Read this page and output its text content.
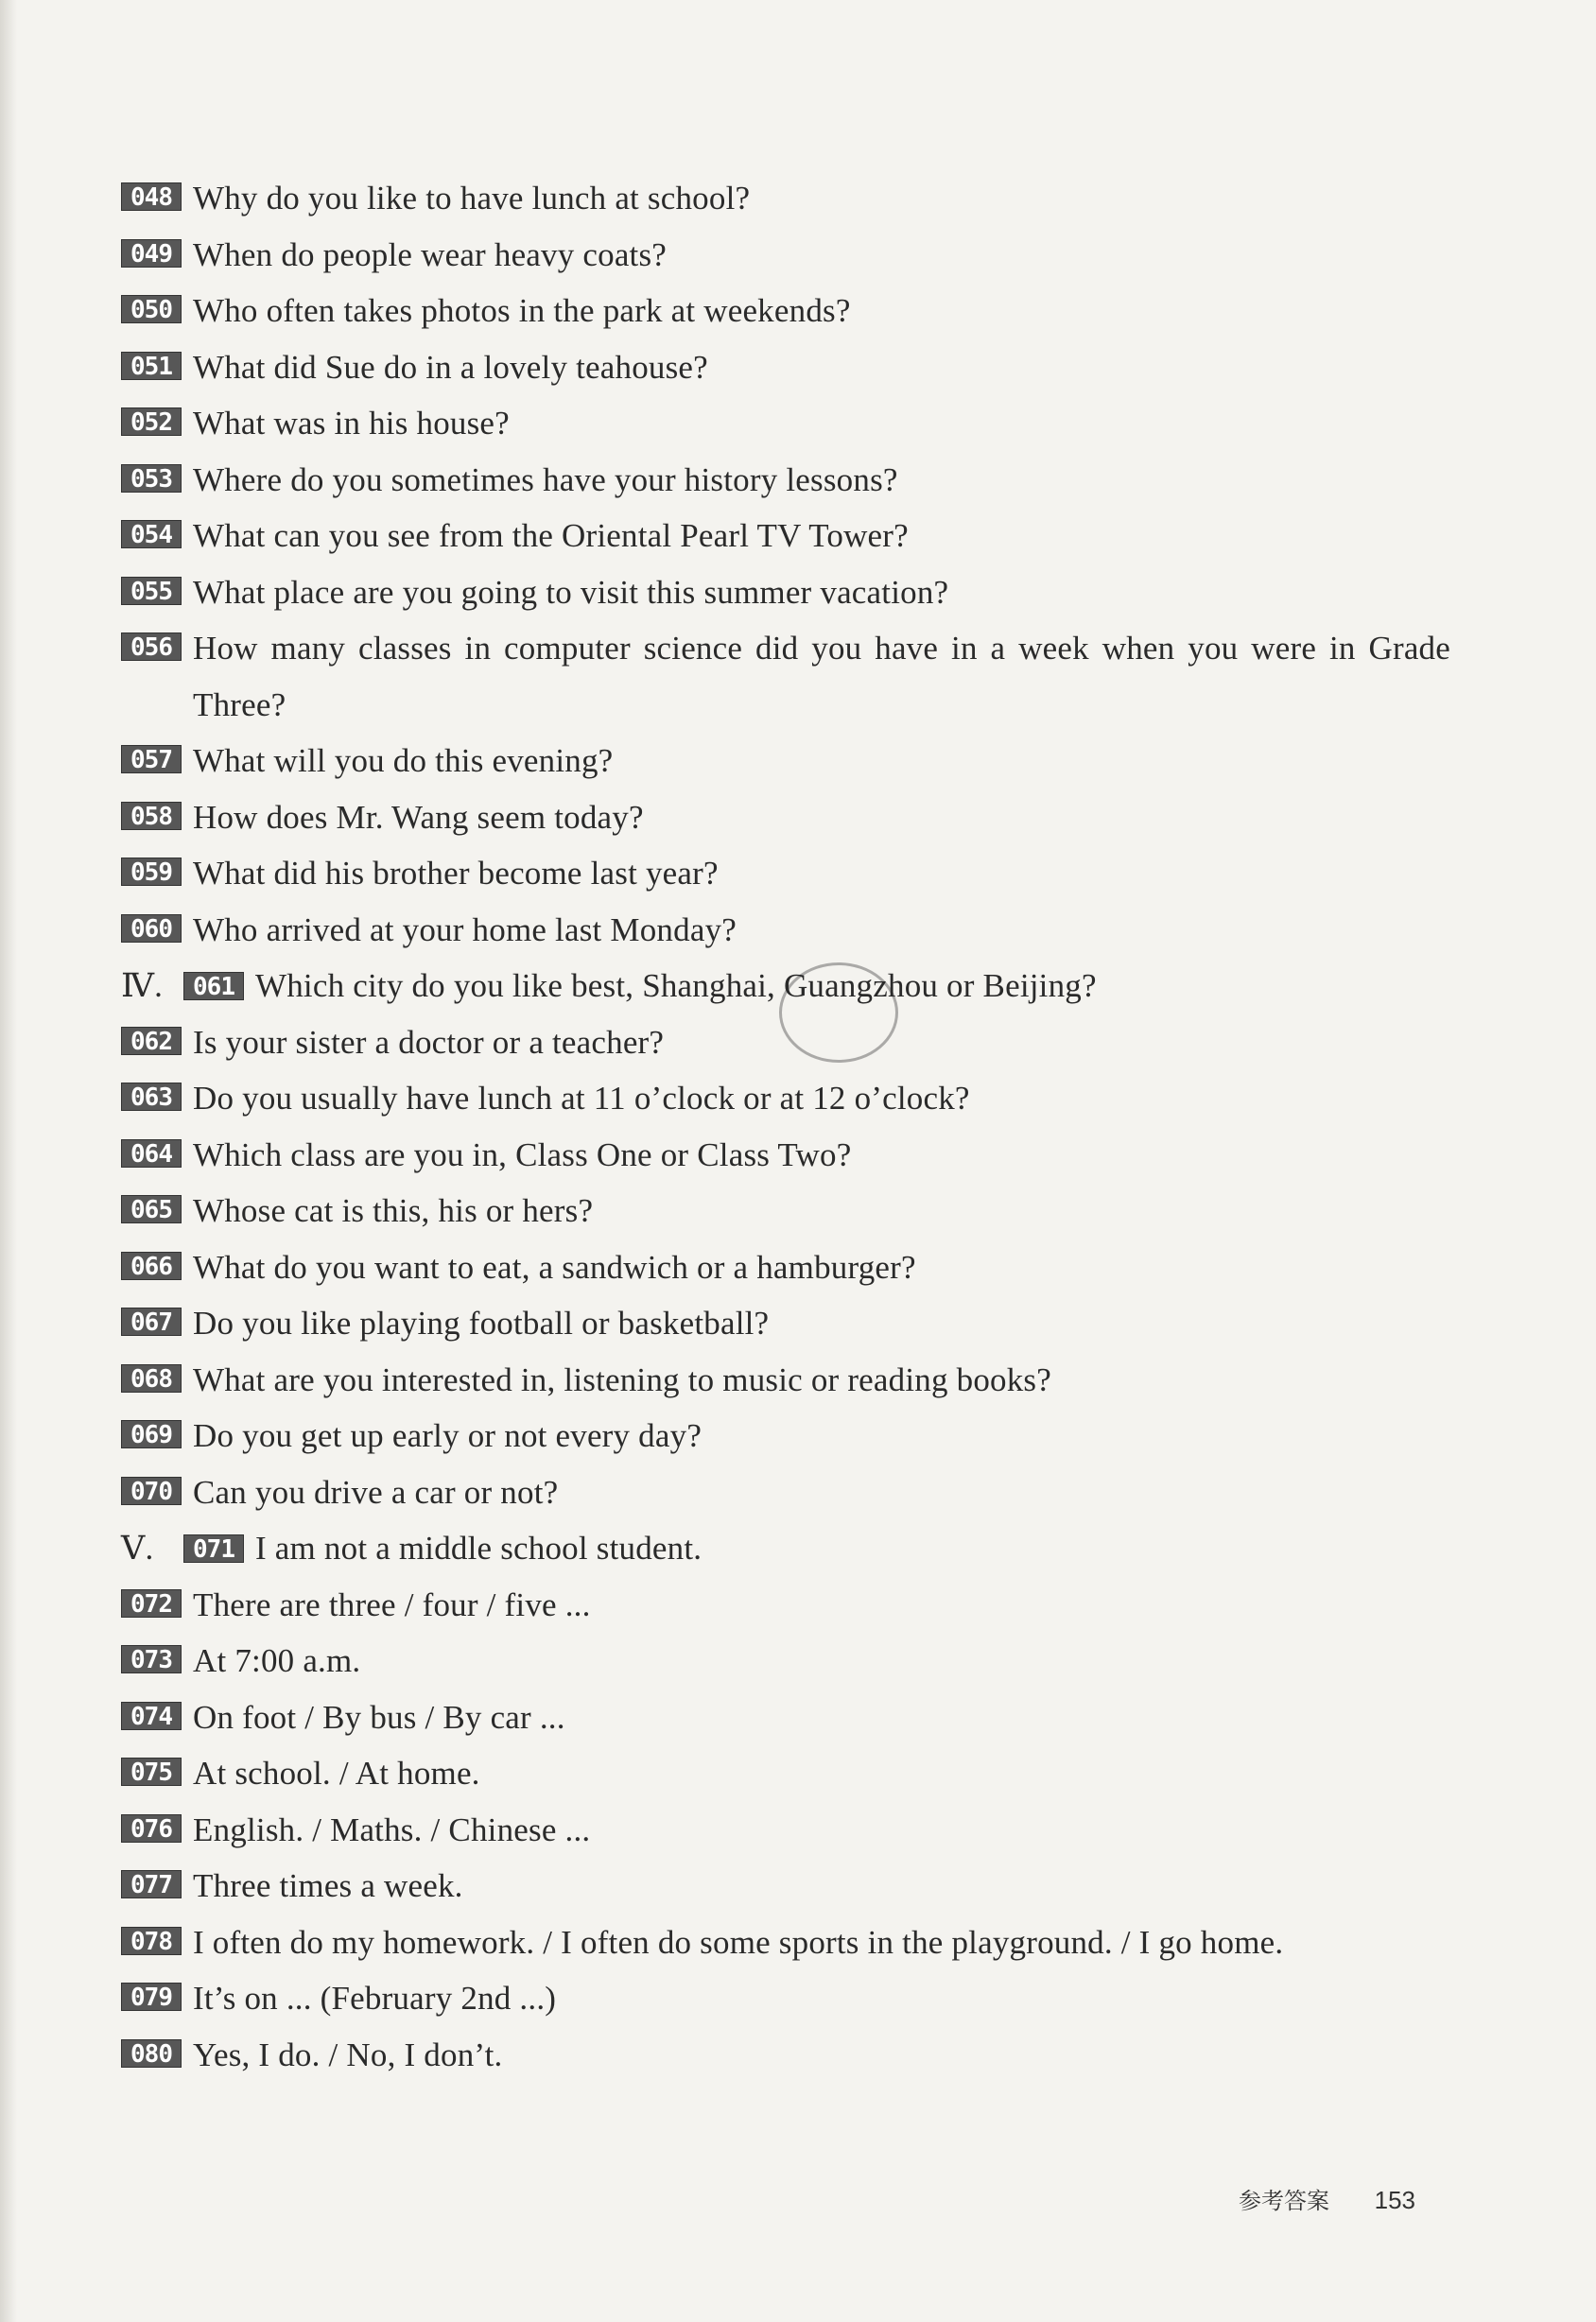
048 Why do you like to have lunch at school?
049 When do people wear heavy coats?
050 Who often takes photos in the park at weekends?
051 What did Sue do in a lovely teahouse?
052 What was in his house?
053 Where do you sometimes have your history lessons?
054 What can you see from the Oriental Pearl TV Tower?
055 What place are you going to visit this summer vacation?
056 How many classes in computer science did you have in a week when you were in Grade Three?
057 What will you do this evening?
058 How does Mr. Wang seem today?
059 What did his brother become last year?
060 Who arrived at your home last Monday?
Ⅳ. 061 Which city do you like best, Shanghai, Guangzhou or Beijing?
062 Is your sister a doctor or a teacher?
063 Do you usually have lunch at 11 o’clock or at 12 o’clock?
064 Which class are you in, Class One or Class Two?
065 Whose cat is this, his or hers?
066 What do you want to eat, a sandwich or a hamburger?
067 Do you like playing football or basketball?
068 What are you interested in, listening to music or reading books?
069 Do you get up early or not every day?
070 Can you drive a car or not?
Ⅴ. 071 I am not a middle school student.
072 There are three / four / five ...
073 At 7:00 a.m.
074 On foot / By bus / By car ...
075 At school. / At home.
076 English. / Maths. / Chinese ...
077 Three times a week.
078 I often do my homework. / I often do some sports in the playground. / I go home.
079 It’s on ... (February 2nd ...)
080 Yes, I do. / No, I don’t.
参考答案 153
